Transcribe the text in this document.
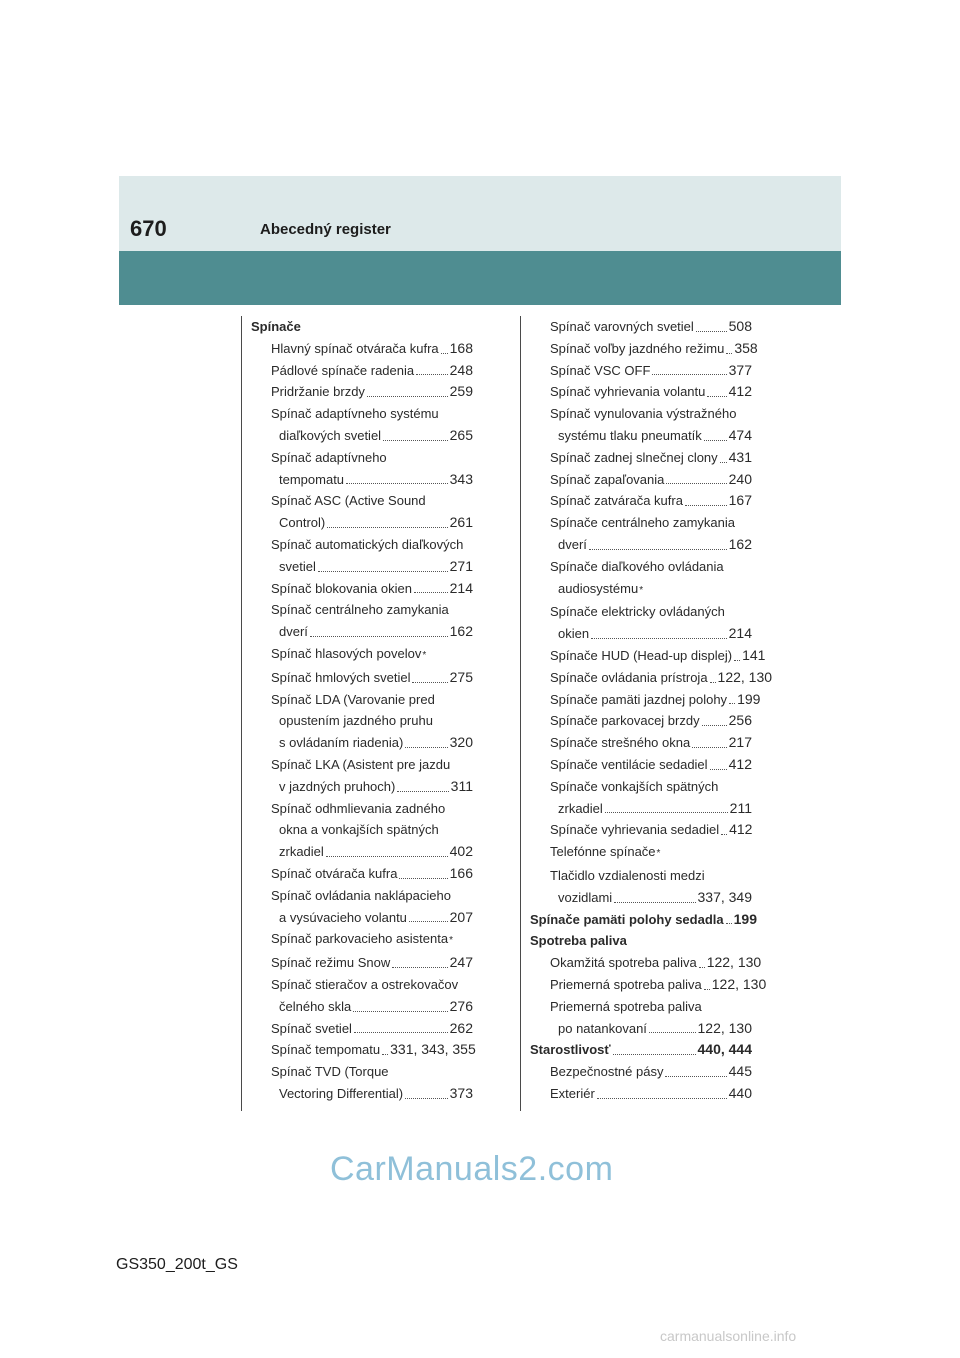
670	Abecedný register
Spínače
Hlavný spínač otvárača kufra 168
Pádlové spínače radenia	248
Pridržanie brzdy	259
Spínač adaptívneho systému
diaľkových svetiel	265
Spínač adaptívneho
tempomatu	343
Spínač ASC (Active Sound
Control)	261
Spínač automatických diaľkových
svetiel	271
Spínač blokovania okien	214
Spínač centrálneho zamykania
dverí	162
Spínač hlasových povelov *
Spínač hmlových svetiel	275
Spínač LDA (Varovanie pred
opustením jazdného pruhu
s ovládaním riadenia)	320
Spínač LKA (Asistent pre jazdu
v jazdných pruhoch)	311
Spínač odhmlievania zadného
okna a vonkajších spätných
zrkadiel	402
Spínač otvárača kufra	166
Spínač ovládania naklápacieho
a vysúvacieho volantu	207
Spínač parkovacieho asistenta *
Spínač režimu Snow	247
Spínač stieračov a ostrekovačov
čelného skla	276
Spínač svetiel	262
Spínač tempomatu 331, 343, 355
Spínač TVD (Torque
Vectoring Differential)	373
Spínač varovných svetiel 508
Spínač voľby jazdného režimu 358
Spínač VSC OFF	377
Spínač vyhrievania volantu 412
Spínač vynulovania výstražného
systému tlaku pneumatík 474
Spínač zadnej slnečnej clony 431
Spínač zapaľovania	240
Spínač zatvárača kufra	167
Spínače centrálneho zamykania
dverí	162
Spínače diaľkového ovládania
audiosystému *
Spínače elektricky ovládaných
okien	214
Spínače HUD (Head-up displej) 141
Spínače ovládania prístroja 122, 130
Spínače pamäti jazdnej polohy 199
Spínače parkovacej brzdy 256
Spínače strešného okna	217
Spínače ventilácie sedadiel 412
Spínače vonkajších spätných
zrkadiel	211
Spínače vyhrievania sedadiel 412
Telefónne spínače *
Tlačidlo vzdialenosti medzi
vozidlami	337, 349
Spínače pamäti polohy sedadla 199
Spotreba paliva
Okamžitá spotreba paliva 122, 130
Priemerná spotreba paliva 122, 130
Priemerná spotreba paliva
po natankovaní	122, 130
Starostlivosť	440, 444
Bezpečnostné pásy	445
Exteriér	440
CarManuals2.com
GS350_200t_GS
carmanualsonline.info
